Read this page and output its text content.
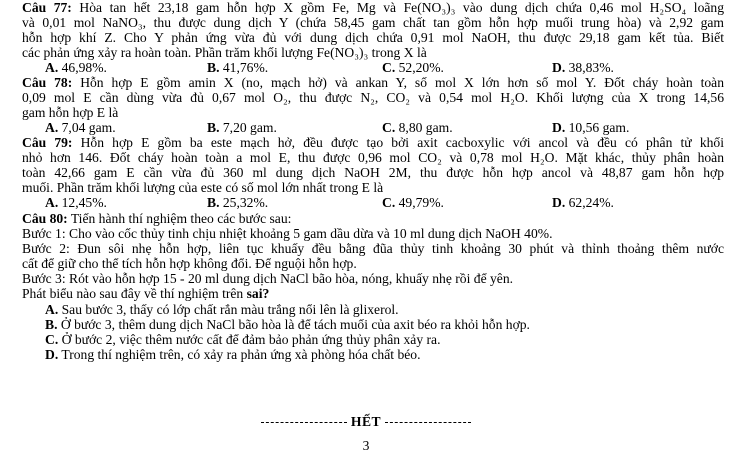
Câu 77: Hòa tan hết 23,18 gam hỗn hợp X gồm Fe, Mg và Fe(NO₃)₃ vào dung dịch chứa 0,46 mol H₂SO₄ loãng
và 0,01 mol NaNO₃, thu được dung dịch Y (chứa 58,45 gam chất tan gồm hỗn hợp muối trung hòa) và 2,92 gam
hỗn hợp khí Z. Cho Y phản ứng vừa đủ với dung dịch chứa 0,91 mol NaOH, thu được 29,18 gam kết tủa. Biết
các phản ứng xảy ra hoàn toàn. Phần trăm khối lượng Fe(NO₃)₃ trong X là
A. 46,98%.	B. 41,76%.	C. 52,20%.	D. 38,83%.
Câu 78: Hỗn hợp E gồm amin X (no, mạch hở) và ankan Y, số mol X lớn hơn số mol Y. Đốt cháy hoàn toàn
0,09 mol E cần dùng vừa đủ 0,67 mol O₂, thu được N₂, CO₂ và 0,54 mol H₂O. Khối lượng của X trong 14,56
gam hỗn hợp E là
A. 7,04 gam.	B. 7,20 gam.	C. 8,80 gam.	D. 10,56 gam.
Câu 79: Hỗn hợp E gồm ba este mạch hở, đều được tạo bởi axit cacboxylic với ancol và đều có phân tử khối
nhỏ hơn 146. Đốt cháy hoàn toàn a mol E, thu được 0,96 mol CO₂ và 0,78 mol H₂O. Mặt khác, thủy phân hoàn
toàn 42,66 gam E cần vừa đủ 360 ml dung dịch NaOH 2M, thu được hỗn hợp ancol và 48,87 gam hỗn hợp
muối. Phần trăm khối lượng của este có số mol lớn nhất trong E là
A. 12,45%.	B. 25,32%.	C. 49,79%.	D. 62,24%.
Câu 80: Tiến hành thí nghiệm theo các bước sau:
Bước 1: Cho vào cốc thủy tinh chịu nhiệt khoảng 5 gam dầu dừa và 10 ml dung dịch NaOH 40%.
Bước 2: Đun sôi nhẹ hỗn hợp, liên tục khuấy đều bằng đũa thủy tinh khoảng 30 phút và thỉnh thoảng thêm nước
cất để giữ cho thể tích hỗn hợp không đổi. Để nguội hỗn hợp.
Bước 3: Rót vào hỗn hợp 15 - 20 ml dung dịch NaCl bão hòa, nóng, khuấy nhẹ rồi để yên.
Phát biểu nào sau đây về thí nghiệm trên sai?
A. Sau bước 3, thấy có lớp chất rắn màu trắng nổi lên là glixerol.
B. Ở bước 3, thêm dung dịch NaCl bão hòa là để tách muối của axit béo ra khỏi hỗn hợp.
C. Ở bước 2, việc thêm nước cất để đảm bảo phản ứng thủy phân xảy ra.
D. Trong thí nghiệm trên, có xảy ra phản ứng xà phòng hóa chất béo.
HẾT
3
